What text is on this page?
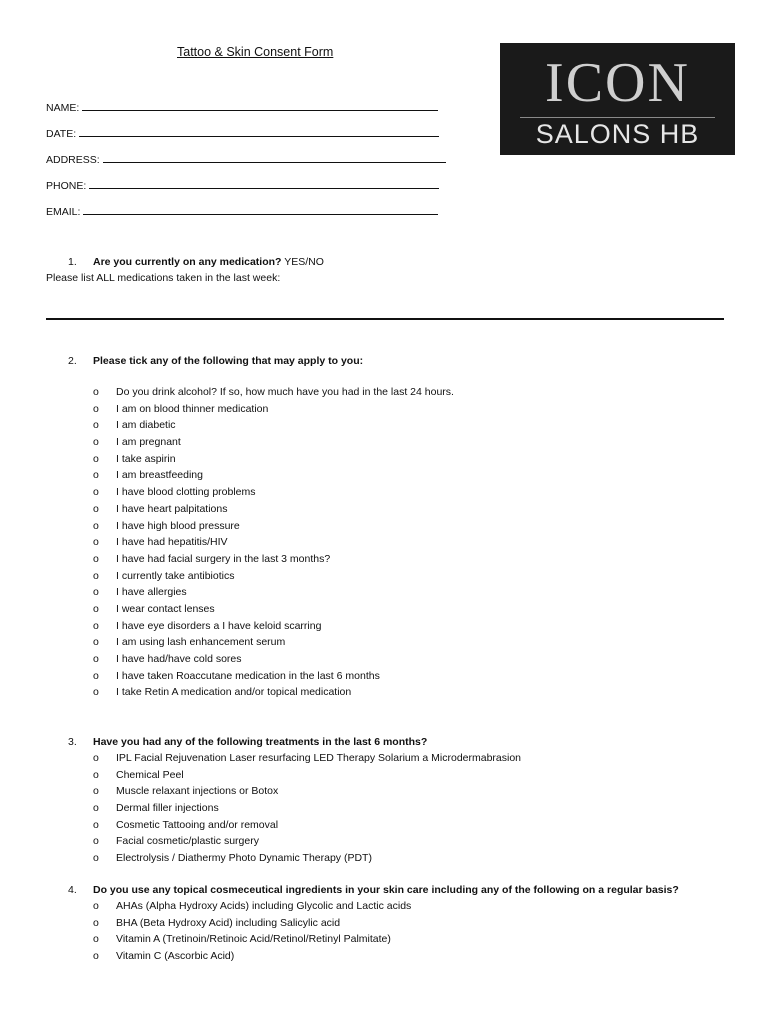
Tattoo & Skin Consent Form	ICON
SALONS HB
NAME:
DATE:
ADDRESS:
PHONE:
EMAIL:
1. Are you currently on any medication? YES/NO
Please list ALL medications taken in the last week:
2. Please tick any of the following that may apply to you:
o Do you drink alcohol? If so, how much have you had in the last 24 hours.
o I am on blood thinner medication
o I am diabetic
o I am pregnant
o I take aspirin
o I am breastfeeding
o I have blood clotting problems
o I have heart palpitations
o I have high blood pressure
o I have had hepatitis/HIV
o I have had facial surgery in the last 3 months?
o I currently take antibiotics
o I have allergies
o I wear contact lenses
o I have eye disorders a I have keloid scarring
o I am using lash enhancement serum
o I have had/have cold sores
o I have taken Roaccutane medication in the last 6 months
o I take Retin A medication and/or topical medication
3. Have you had any of the following treatments in the last 6 months?
o IPL Facial Rejuvenation Laser resurfacing LED Therapy Solarium a Microdermabrasion
o Chemical Peel
o Muscle relaxant injections or Botox
o Dermal filler injections
o Cosmetic Tattooing and/or removal
o Facial cosmetic/plastic surgery
o Electrolysis / Diathermy Photo Dynamic Therapy (PDT)
4. Do you use any topical cosmeceutical ingredients in your skin care including any of the following on a regular basis?
o AHAs (Alpha Hydroxy Acids) including Glycolic and Lactic acids
o BHA (Beta Hydroxy Acid) including Salicylic acid
o Vitamin A (Tretinoin/Retinoic Acid/Retinol/Retinyl Palmitate)
o Vitamin C (Ascorbic Acid)
